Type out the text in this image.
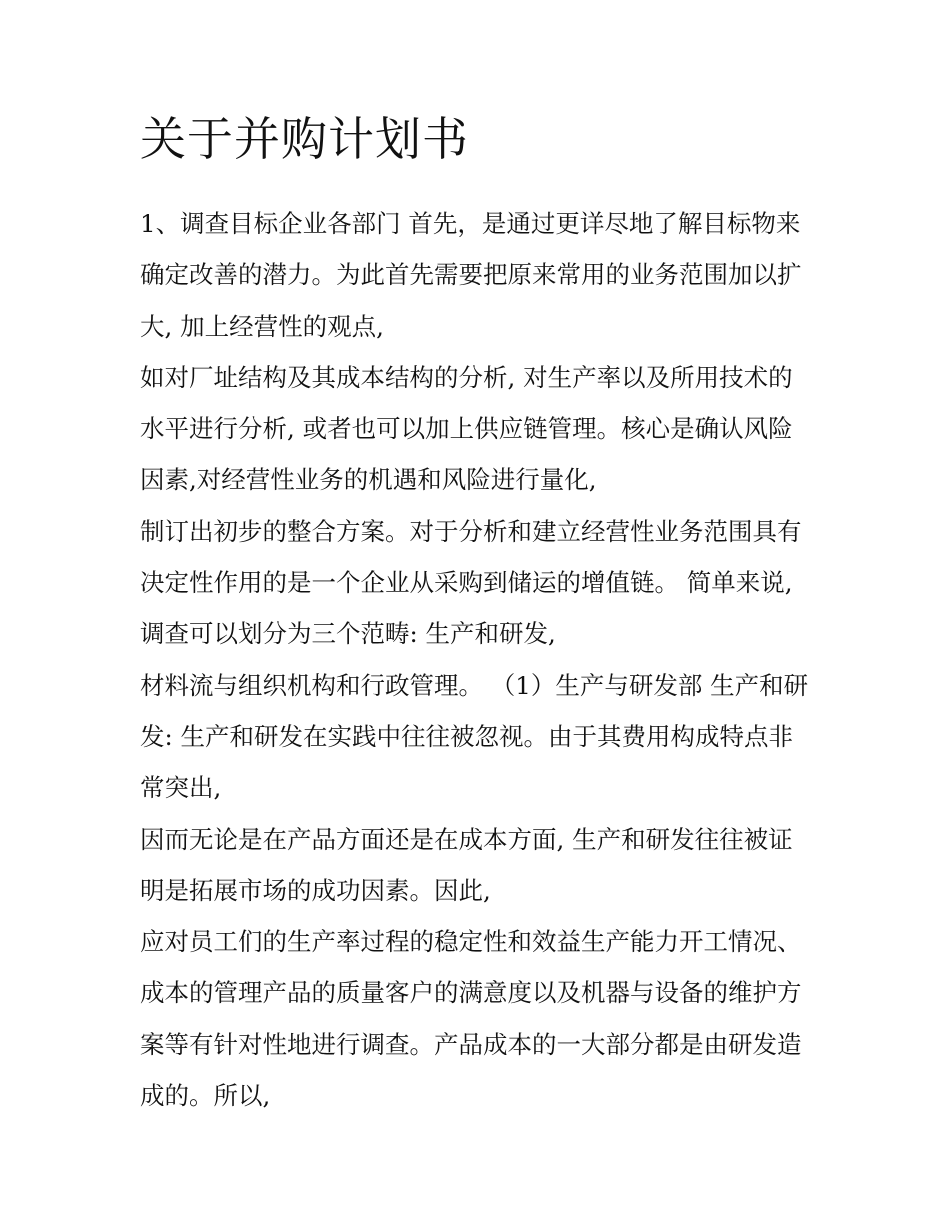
关于并购计划书
1、调查目标企业各部门 首先，是通过更详尽地了解目标物来
确定改善的潜力。为此首先需要把原来常用的业务范围加以扩
大, 加上经营性的观点,
如对厂址结构及其成本结构的分析, 对生产率以及所用技术的
水平进行分析, 或者也可以加上供应链管理。核心是确认风险
因素,对经营性业务的机遇和风险进行量化,
制订出初步的整合方案。对于分析和建立经营性业务范围具有
决定性作用的是一个企业从采购到储运的增值链。 简单来说,
调查可以划分为三个范畴: 生产和研发,
材料流与组织机构和行政管理。 （1）生产与研发部 生产和研
发: 生产和研发在实践中往往被忽视。由于其费用构成特点非
常突出,
因而无论是在产品方面还是在成本方面, 生产和研发往往被证
明是拓展市场的成功因素。因此,
应对员工们的生产率过程的稳定性和效益生产能力开工情况、
成本的管理产品的质量客户的满意度以及机器与设备的维护方
案等有针对性地进行调查。产品成本的一大部分都是由研发造
成的。所以,
